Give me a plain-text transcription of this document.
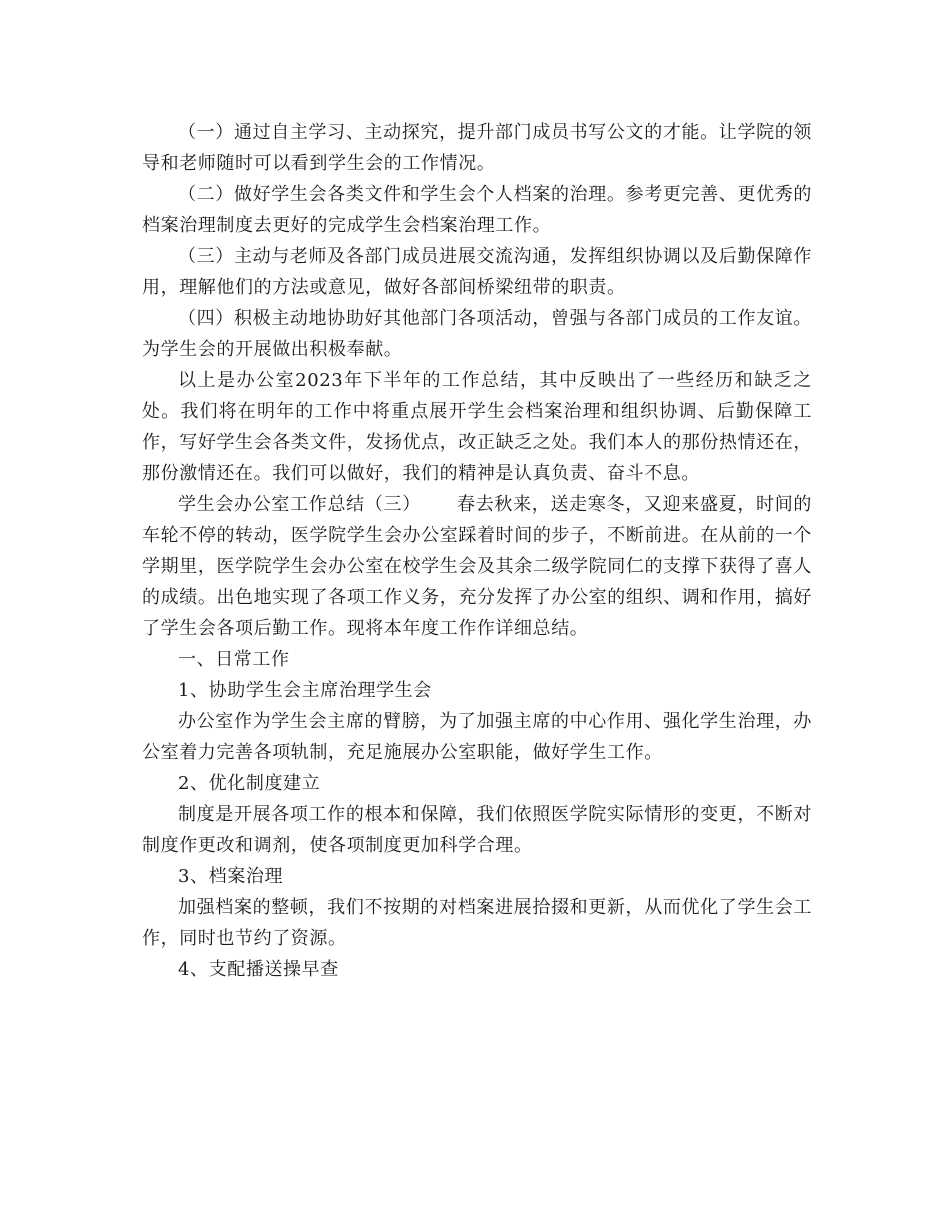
（一）通过自主学习、主动探究，提升部门成员书写公文的才能。让学院的领导和老师随时可以看到学生会的工作情况。

（二）做好学生会各类文件和学生会个人档案的治理。参考更完善、更优秀的档案治理制度去更好的完成学生会档案治理工作。

（三）主动与老师及各部门成员进展交流沟通，发挥组织协调以及后勤保障作用，理解他们的方法或意见，做好各部间桥梁纽带的职责。

（四）积极主动地协助好其他部门各项活动，曾强与各部门成员的工作友谊。为学生会的开展做出积极奉献。

以上是办公室2023年下半年的工作总结，其中反映出了一些经历和缺乏之处。我们将在明年的工作中将重点展开学生会档案治理和组织协调、后勤保障工作，写好学生会各类文件，发扬优点，改正缺乏之处。我们本人的那份热情还在，那份激情还在。我们可以做好，我们的精神是认真负责、奋斗不息。

学生会办公室工作总结（三） 春去秋来，送走寒冬，又迎来盛夏，时间的车轮不停的转动，医学院学生会办公室踩着时间的步子，不断前进。在从前的一个学期里，医学院学生会办公室在校学生会及其余二级学院同仁的支撑下获得了喜人的成绩。出色地实现了各项工作义务，充分发挥了办公室的组织、调和作用，搞好了学生会各项后勤工作。现将本年度工作作详细总结。

一、日常工作

1、协助学生会主席治理学生会

办公室作为学生会主席的臂膀，为了加强主席的中心作用、强化学生治理，办公室着力完善各项轨制，充足施展办公室职能，做好学生工作。

2、优化制度建立

制度是开展各项工作的根本和保障，我们依照医学院实际情形的变更，不断对制度作更改和调剂，使各项制度更加科学合理。

3、档案治理

加强档案的整顿，我们不按期的对档案进展拾掇和更新，从而优化了学生会工作，同时也节约了资源。

4、支配播送操早查
